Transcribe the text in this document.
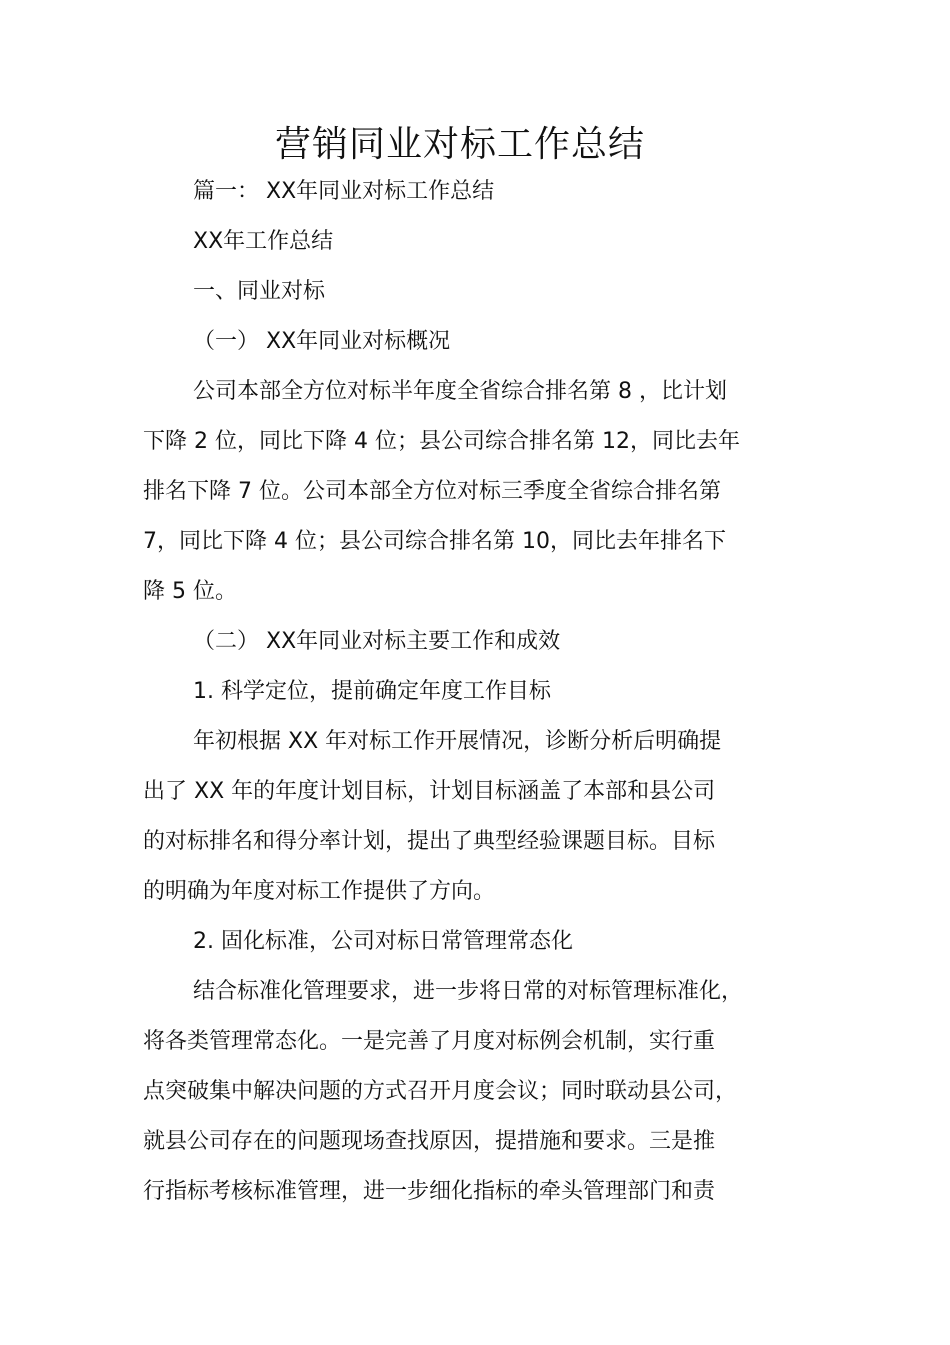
营销同业对标工作总结
篇一： XX年同业对标工作总结
XX年工作总结
一、同业对标
（一） XX年同业对标概况
公司本部全方位对标半年度全省综合排名第 8 ，比计划
下降 2 位，同比下降 4 位；县公司综合排名第 12，同比去年
排名下降 7 位。公司本部全方位对标三季度全省综合排名第
7，同比下降 4 位；县公司综合排名第 10，同比去年排名下
降 5 位。
（二） XX年同业对标主要工作和成效
1. 科学定位，提前确定年度工作目标
年初根据 XX 年对标工作开展情况，诊断分析后明确提
出了 XX 年的年度计划目标，计划目标涵盖了本部和县公司
的对标排名和得分率计划，提出了典型经验课题目标。目标
的明确为年度对标工作提供了方向。
2. 固化标准，公司对标日常管理常态化
结合标准化管理要求，进一步将日常的对标管理标准化，
将各类管理常态化。一是完善了月度对标例会机制，实行重
点突破集中解决问题的方式召开月度会议；同时联动县公司，
就县公司存在的问题现场查找原因，提措施和要求。三是推
行指标考核标准管理，进一步细化指标的牵头管理部门和责
